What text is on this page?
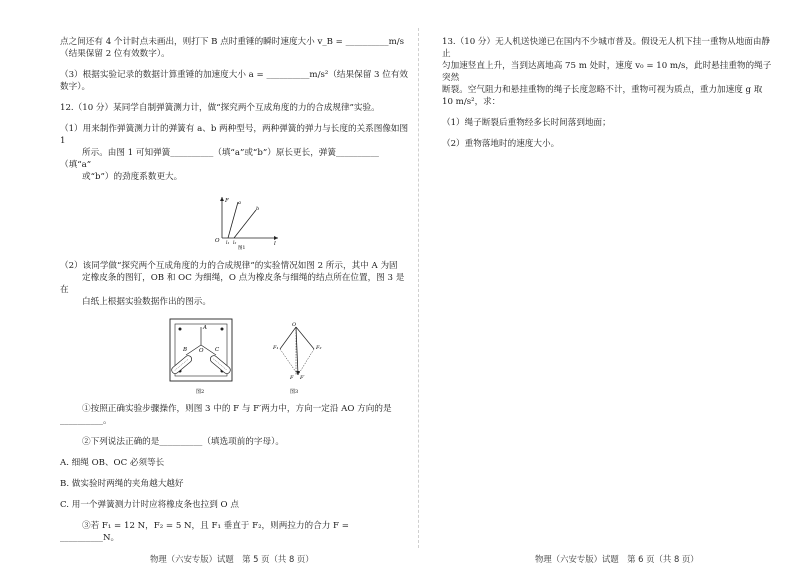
点之间还有 4 个计时点未画出，则打下 B 点时重锤的瞬时速度大小 v_B = __________m/s
（结果保留 2 位有效数字）。

（3）根据实验记录的数据计算重锤的加速度大小 a = __________m/s²（结果保留 3 位有效
数字）。

12.（10 分）某同学自制弹簧测力计，做“探究两个互成角度的力的合成规律”实验。

（1）用来制作弹簧测力计的弹簧有 a、b 两种型号，两种弹簧的弹力与长度的关系图像如图 1
所示。由图 1 可知弹簧__________（填“a”或“b”）原长更长，弹簧__________（填“a”
或“b”）的劲度系数更大。

F
l
O l₁ l₂
a
b
图1

（2）该同学做“探究两个互成角度的力的合成规律”的实验情况如图 2 所示，其中 A 为固
定橡皮条的图钉，OB 和 OC 为细绳，O 点为橡皮条与细绳的结点所在位置，图 3 是在
白纸上根据实验数据作出的图示。

A
B	C
O
图2
F₁	F₂
F F′
O
图3

①按照正确实验步骤操作，则图 3 中的 F 与 F′两力中，方向一定沿 AO 方向的是
__________。

②下列说法正确的是__________（填选项前的字母）。

A. 细绳 OB、OC 必须等长

B. 做实验时两绳的夹角越大越好

C. 用一个弹簧测力计时应将橡皮条也拉到 O 点

③若 F₁ = 12 N，F₂ = 5 N，且 F₁ 垂直于 F₂，则两拉力的合力 F = __________N。

13.（10 分）无人机送快递已在国内不少城市普及。假设无人机下挂一重物从地面由静止
匀加速竖直上升，当到达离地高 75 m 处时，速度 v₀ = 10 m/s，此时悬挂重物的绳子突然
断裂。空气阻力和悬挂重物的绳子长度忽略不计，重物可视为质点，重力加速度 g 取
10 m/s²，求：

（1）绳子断裂后重物经多长时间落到地面；

（2）重物落地时的速度大小。

物理（六安专版）试题　第 5 页（共 8 页）	物理（六安专版）试题　第 6 页（共 8 页）
